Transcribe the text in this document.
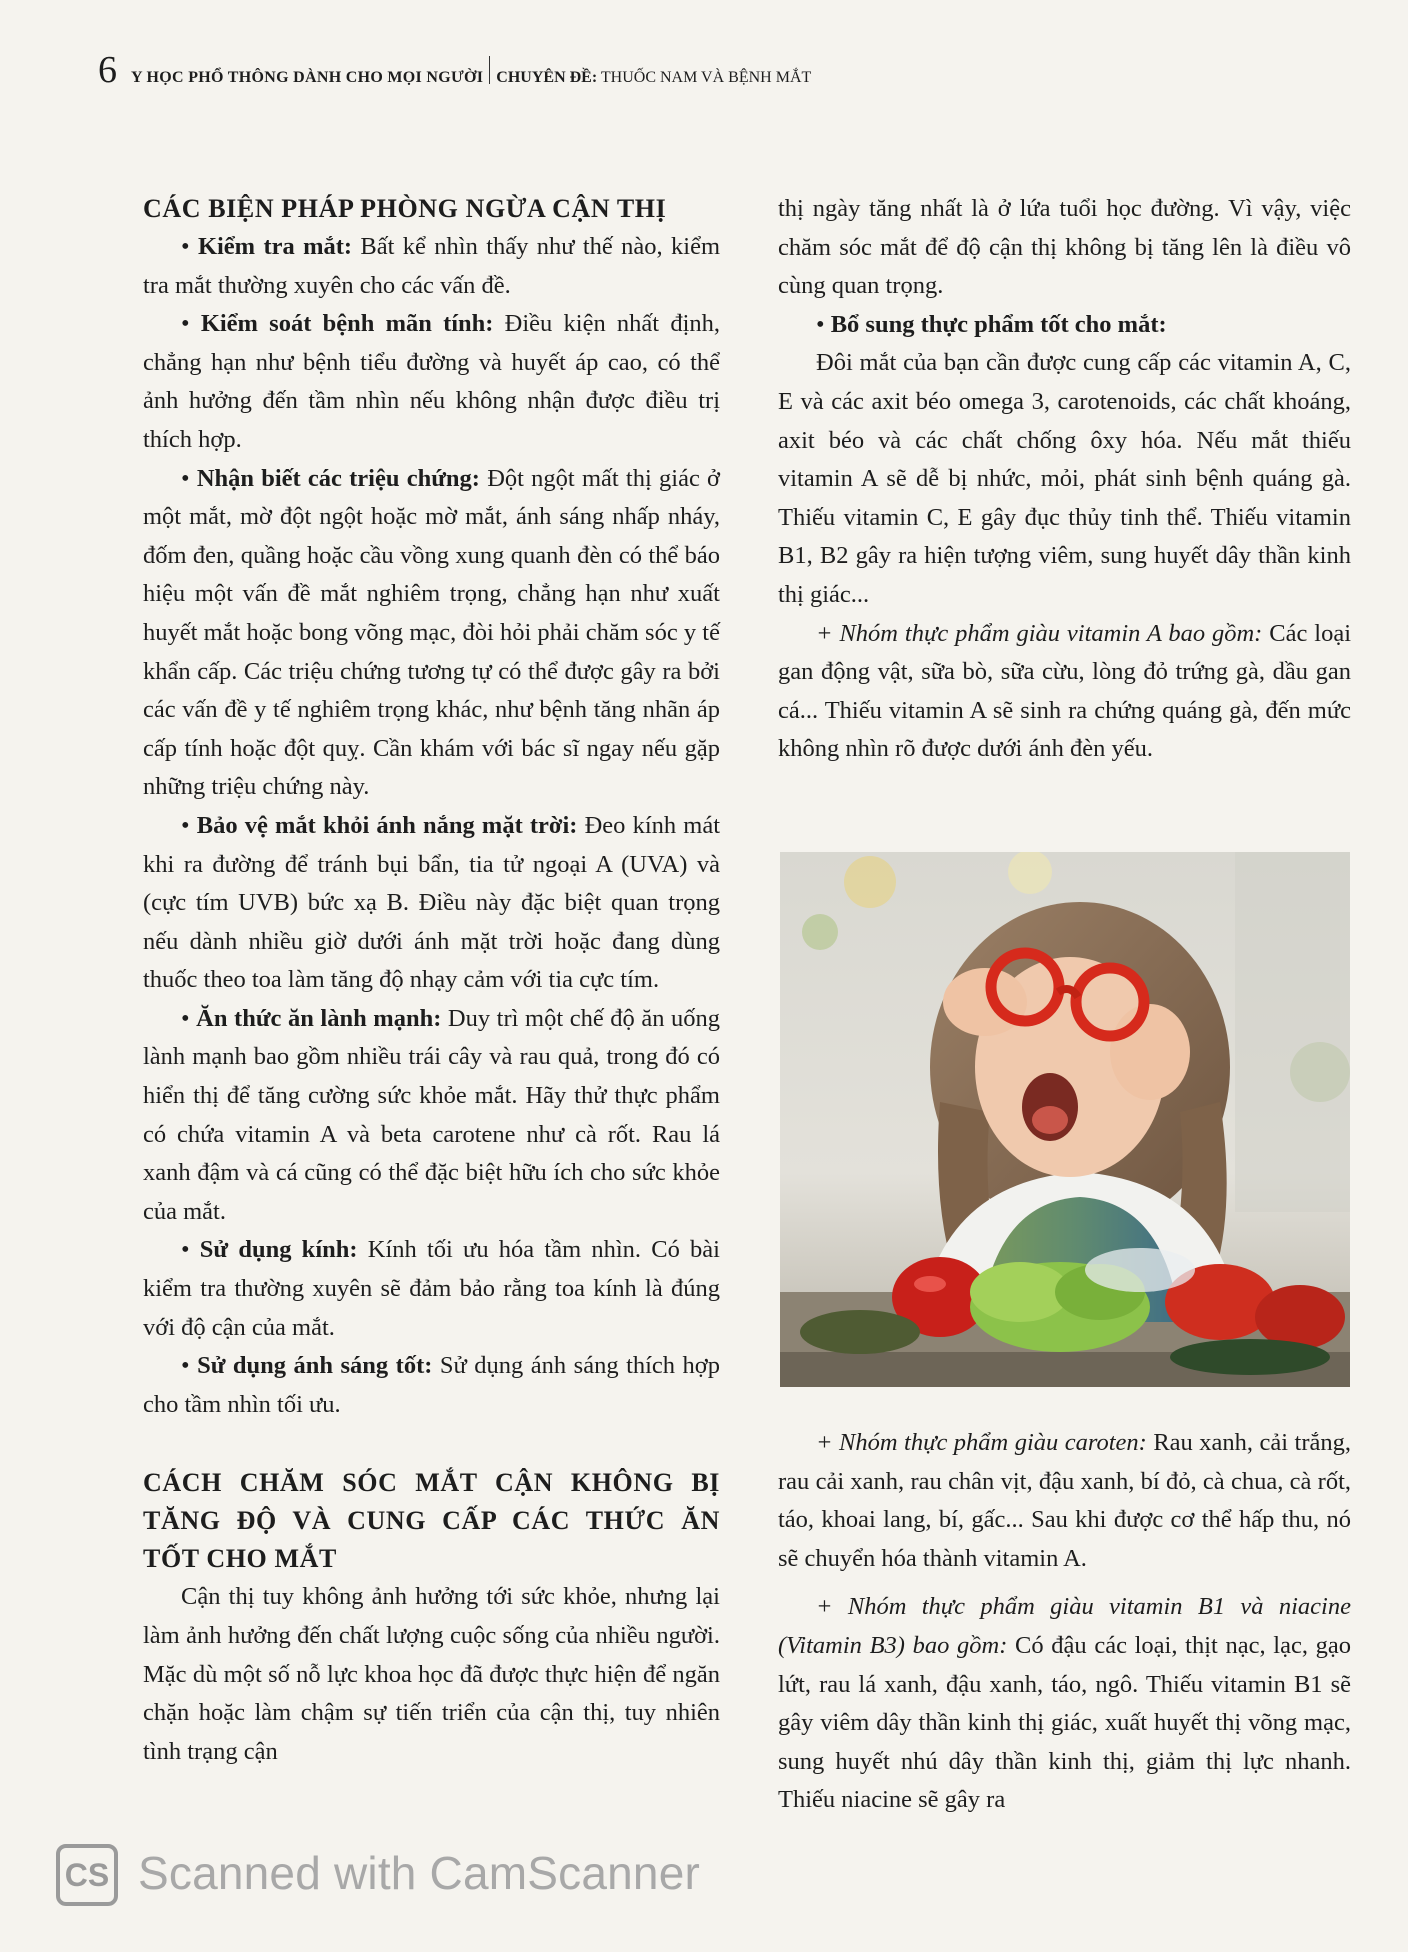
6 Y HỌC PHỔ THÔNG DÀNH CHO MỌI NGƯỜI CHUYÊN ĐỀ: THUỐC NAM VÀ BỆNH MẮT

CÁC BIỆN PHÁP PHÒNG NGỪA CẬN THỊ

• Kiểm tra mắt: Bất kể nhìn thấy như thế nào, kiểm tra mắt thường xuyên cho các vấn đề.

• Kiểm soát bệnh mãn tính: Điều kiện nhất định, chẳng hạn như bệnh tiểu đường và huyết áp cao, có thể ảnh hưởng đến tầm nhìn nếu không nhận được điều trị thích hợp.

• Nhận biết các triệu chứng: Đột ngột mất thị giác ở một mắt, mờ đột ngột hoặc mờ mắt, ánh sáng nhấp nháy, đốm đen, quầng hoặc cầu vồng xung quanh đèn có thể báo hiệu một vấn đề mắt nghiêm trọng, chẳng hạn như xuất huyết mắt hoặc bong võng mạc, đòi hỏi phải chăm sóc y tế khẩn cấp. Các triệu chứng tương tự có thể được gây ra bởi các vấn đề y tế nghiêm trọng khác, như bệnh tăng nhãn áp cấp tính hoặc đột quỵ. Cần khám với bác sĩ ngay nếu gặp những triệu chứng này.

• Bảo vệ mắt khỏi ánh nắng mặt trời: Đeo kính mát khi ra đường để tránh bụi bẩn, tia tử ngoại A (UVA) và (cực tím UVB) bức xạ B. Điều này đặc biệt quan trọng nếu dành nhiều giờ dưới ánh mặt trời hoặc đang dùng thuốc theo toa làm tăng độ nhạy cảm với tia cực tím.

• Ăn thức ăn lành mạnh: Duy trì một chế độ ăn uống lành mạnh bao gồm nhiều trái cây và rau quả, trong đó có hiển thị để tăng cường sức khỏe mắt. Hãy thử thực phẩm có chứa vitamin A và beta carotene như cà rốt. Rau lá xanh đậm và cá cũng có thể đặc biệt hữu ích cho sức khỏe của mắt.

• Sử dụng kính: Kính tối ưu hóa tầm nhìn. Có bài kiểm tra thường xuyên sẽ đảm bảo rằng toa kính là đúng với độ cận của mắt.

• Sử dụng ánh sáng tốt: Sử dụng ánh sáng thích hợp cho tầm nhìn tối ưu.

CÁCH CHĂM SÓC MẮT CẬN KHÔNG BỊ TĂNG ĐỘ VÀ CUNG CẤP CÁC THỨC ĂN TỐT CHO MẮT

Cận thị tuy không ảnh hưởng tới sức khỏe, nhưng lại làm ảnh hưởng đến chất lượng cuộc sống của nhiều người. Mặc dù một số nỗ lực khoa học đã được thực hiện để ngăn chặn hoặc làm chậm sự tiến triển của cận thị, tuy nhiên tình trạng cận

thị ngày tăng nhất là ở lứa tuổi học đường. Vì vậy, việc chăm sóc mắt để độ cận thị không bị tăng lên là điều vô cùng quan trọng.

• Bổ sung thực phẩm tốt cho mắt:

Đôi mắt của bạn cần được cung cấp các vitamin A, C, E và các axit béo omega 3, carotenoids, các chất khoáng, axit béo và các chất chống ôxy hóa. Nếu mắt thiếu vitamin A sẽ dễ bị nhức, mỏi, phát sinh bệnh quáng gà. Thiếu vitamin C, E gây đục thủy tinh thể. Thiếu vitamin B1, B2 gây ra hiện tượng viêm, sung huyết dây thần kinh thị giác...

+ Nhóm thực phẩm giàu vitamin A bao gồm: Các loại gan động vật, sữa bò, sữa cừu, lòng đỏ trứng gà, dầu gan cá... Thiếu vitamin A sẽ sinh ra chứng quáng gà, đến mức không nhìn rõ được dưới ánh đèn yếu.

+ Nhóm thực phẩm giàu caroten: Rau xanh, cải trắng, rau cải xanh, rau chân vịt, đậu xanh, bí đỏ, cà chua, cà rốt, táo, khoai lang, bí, gấc... Sau khi được cơ thể hấp thu, nó sẽ chuyển hóa thành vitamin A.

+ Nhóm thực phẩm giàu vitamin B1 và niacine (Vitamin B3) bao gồm: Có đậu các loại, thịt nạc, lạc, gạo lứt, rau lá xanh, đậu xanh, táo, ngô. Thiếu vitamin B1 sẽ gây viêm dây thần kinh thị giác, xuất huyết thị võng mạc, sung huyết nhú dây thần kinh thị, giảm thị lực nhanh. Thiếu niacine sẽ gây ra

CS Scanned with CamScanner
